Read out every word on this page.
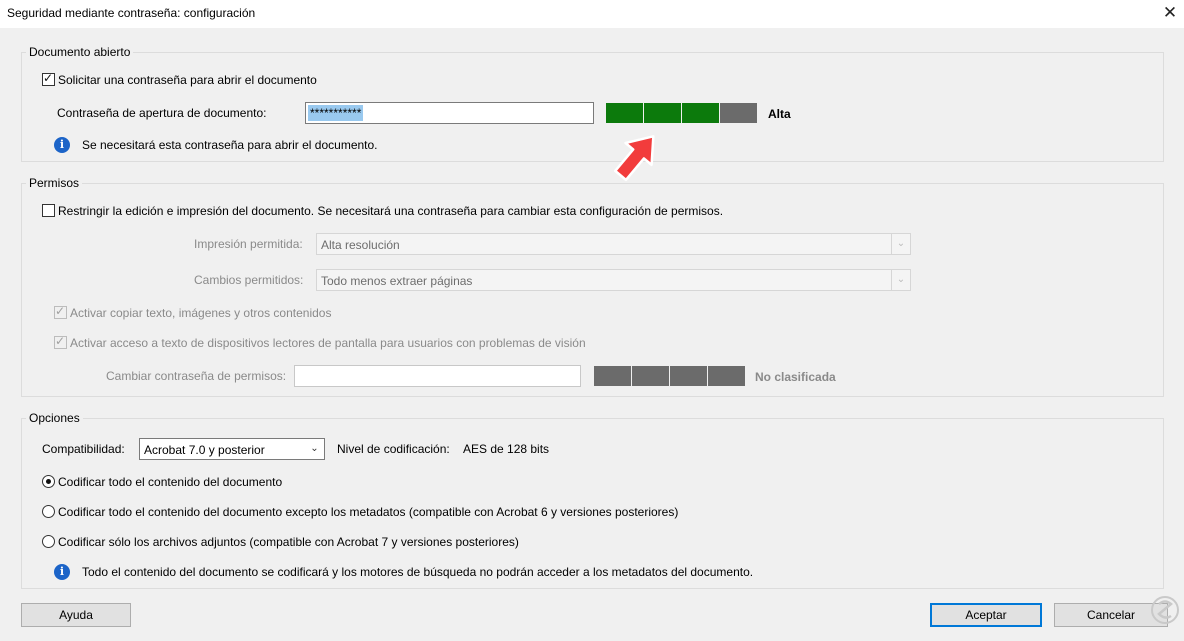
Seguridad mediante contraseña: configuración	✕
Documento abierto
✓
Solicitar una contraseña para abrir el documento
Contraseña de apertura de documento:	***********	Alta
i	Se necesitará esta contraseña para abrir el documento.
Permisos
Restringir la edición e impresión del documento. Se necesitará una contraseña para cambiar esta configuración de permisos.
Impresión permitida: Alta resolución	⌄
Cambios permitidos: Todo menos extraer páginas	⌄
✓
Activar copiar texto, imágenes y otros contenidos
✓
Activar acceso a texto de dispositivos lectores de pantalla para usuarios con problemas de visión
Cambiar contraseña de permisos:	No clasificada
Opciones
Compatibilidad: Acrobat 7.0 y posterior	⌄	Nivel de codificación: AES de 128 bits
Codificar todo el contenido del documento
Codificar todo el contenido del documento excepto los metadatos (compatible con Acrobat 6 y versiones posteriores)
Codificar sólo los archivos adjuntos (compatible con Acrobat 7 y versiones posteriores)
i	Todo el contenido del documento se codificará y los motores de búsqueda no podrán acceder a los metadatos del documento.
Ayuda	Aceptar	Cancelar
